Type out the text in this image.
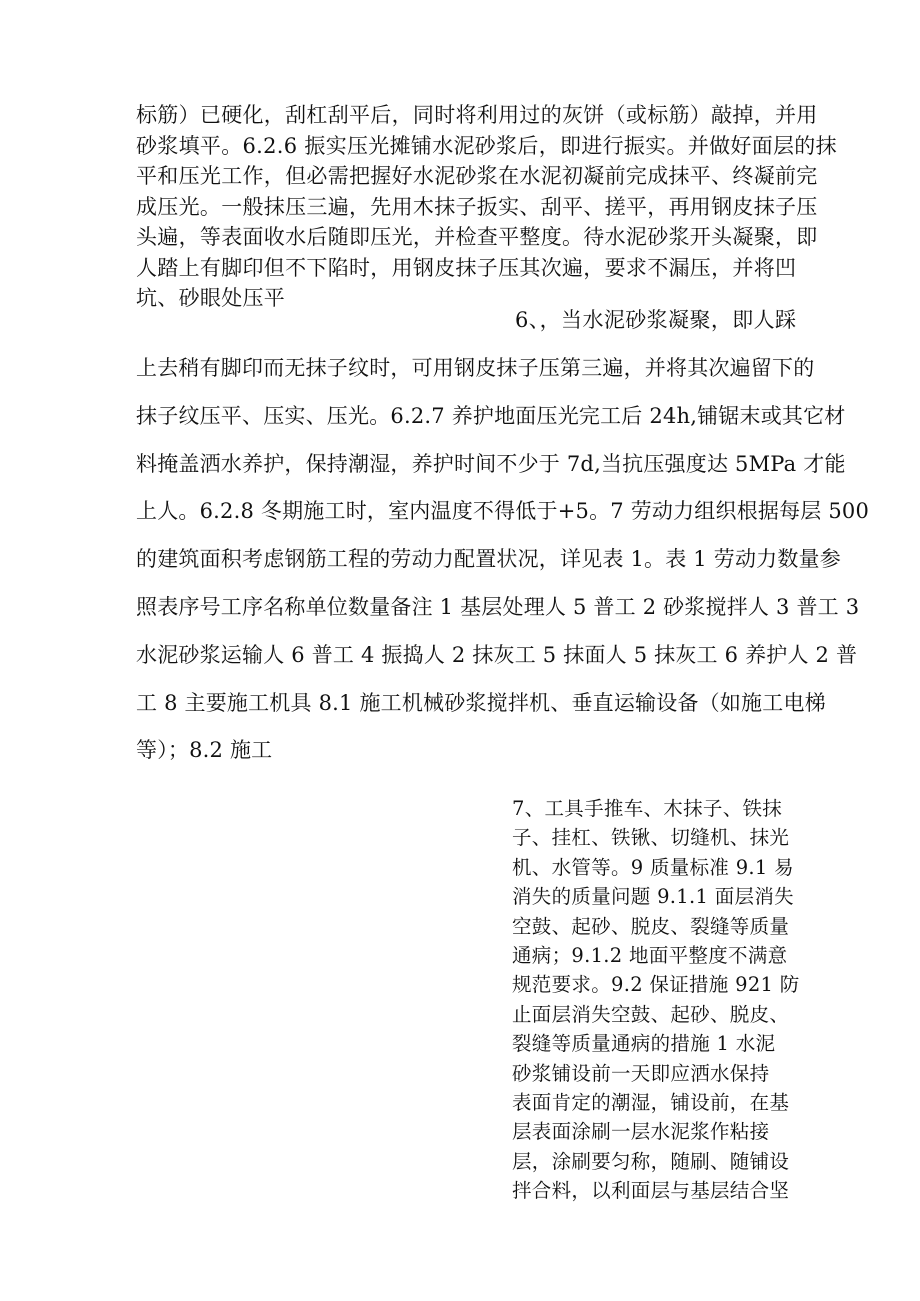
标筋）已硬化，刮杠刮平后，同时将利用过的灰饼（或标筋）敲掉，并用
砂浆填平。6.2.6 振实压光摊铺水泥砂浆后，即进行振实。并做好面层的抹
平和压光工作，但必需把握好水泥砂浆在水泥初凝前完成抹平、终凝前完
成压光。一般抹压三遍，先用木抹子扳实、刮平、搓平，再用钢皮抹子压
头遍，等表面收水后随即压光，并检查平整度。待水泥砂浆开头凝聚，即
人踏上有脚印但不下陷时，用钢皮抹子压其次遍，要求不漏压，并将凹
坑、砂眼处压平
6、，当水泥砂浆凝聚，即人踩
上去稍有脚印而无抹子纹时，可用钢皮抹子压第三遍，并将其次遍留下的
抹子纹压平、压实、压光。6.2.7 养护地面压光完工后 24h,铺锯末或其它材
料掩盖洒水养护，保持潮湿，养护时间不少于 7d,当抗压强度达 5MPa 才能
上人。6.2.8 冬期施工时，室内温度不得低于+5。7 劳动力组织根据每层 500
的建筑面积考虑钢筋工程的劳动力配置状况，详见表 1。表 1 劳动力数量参
照表序号工序名称单位数量备注 1 基层处理人 5 普工 2 砂浆搅拌人 3 普工 3
水泥砂浆运输人 6 普工 4 振捣人 2 抹灰工 5 抹面人 5 抹灰工 6 养护人 2 普
工 8 主要施工机具 8.1 施工机械砂浆搅拌机、垂直运输设备（如施工电梯
等）；8.2 施工
7、工具手推车、木抹子、铁抹
子、挂杠、铁锹、切缝机、抹光
机、水管等。9 质量标准 9.1 易
消失的质量问题 9.1.1 面层消失
空鼓、起砂、脱皮、裂缝等质量
通病；9.1.2 地面平整度不满意
规范要求。9.2 保证措施 921 防
止面层消失空鼓、起砂、脱皮、
裂缝等质量通病的措施 1 水泥
砂浆铺设前一天即应洒水保持
表面肯定的潮湿，铺设前，在基
层表面涂刷一层水泥浆作粘接
层，涂刷要匀称，随刷、随铺设
拌合料，以利面层与基层结合坚
